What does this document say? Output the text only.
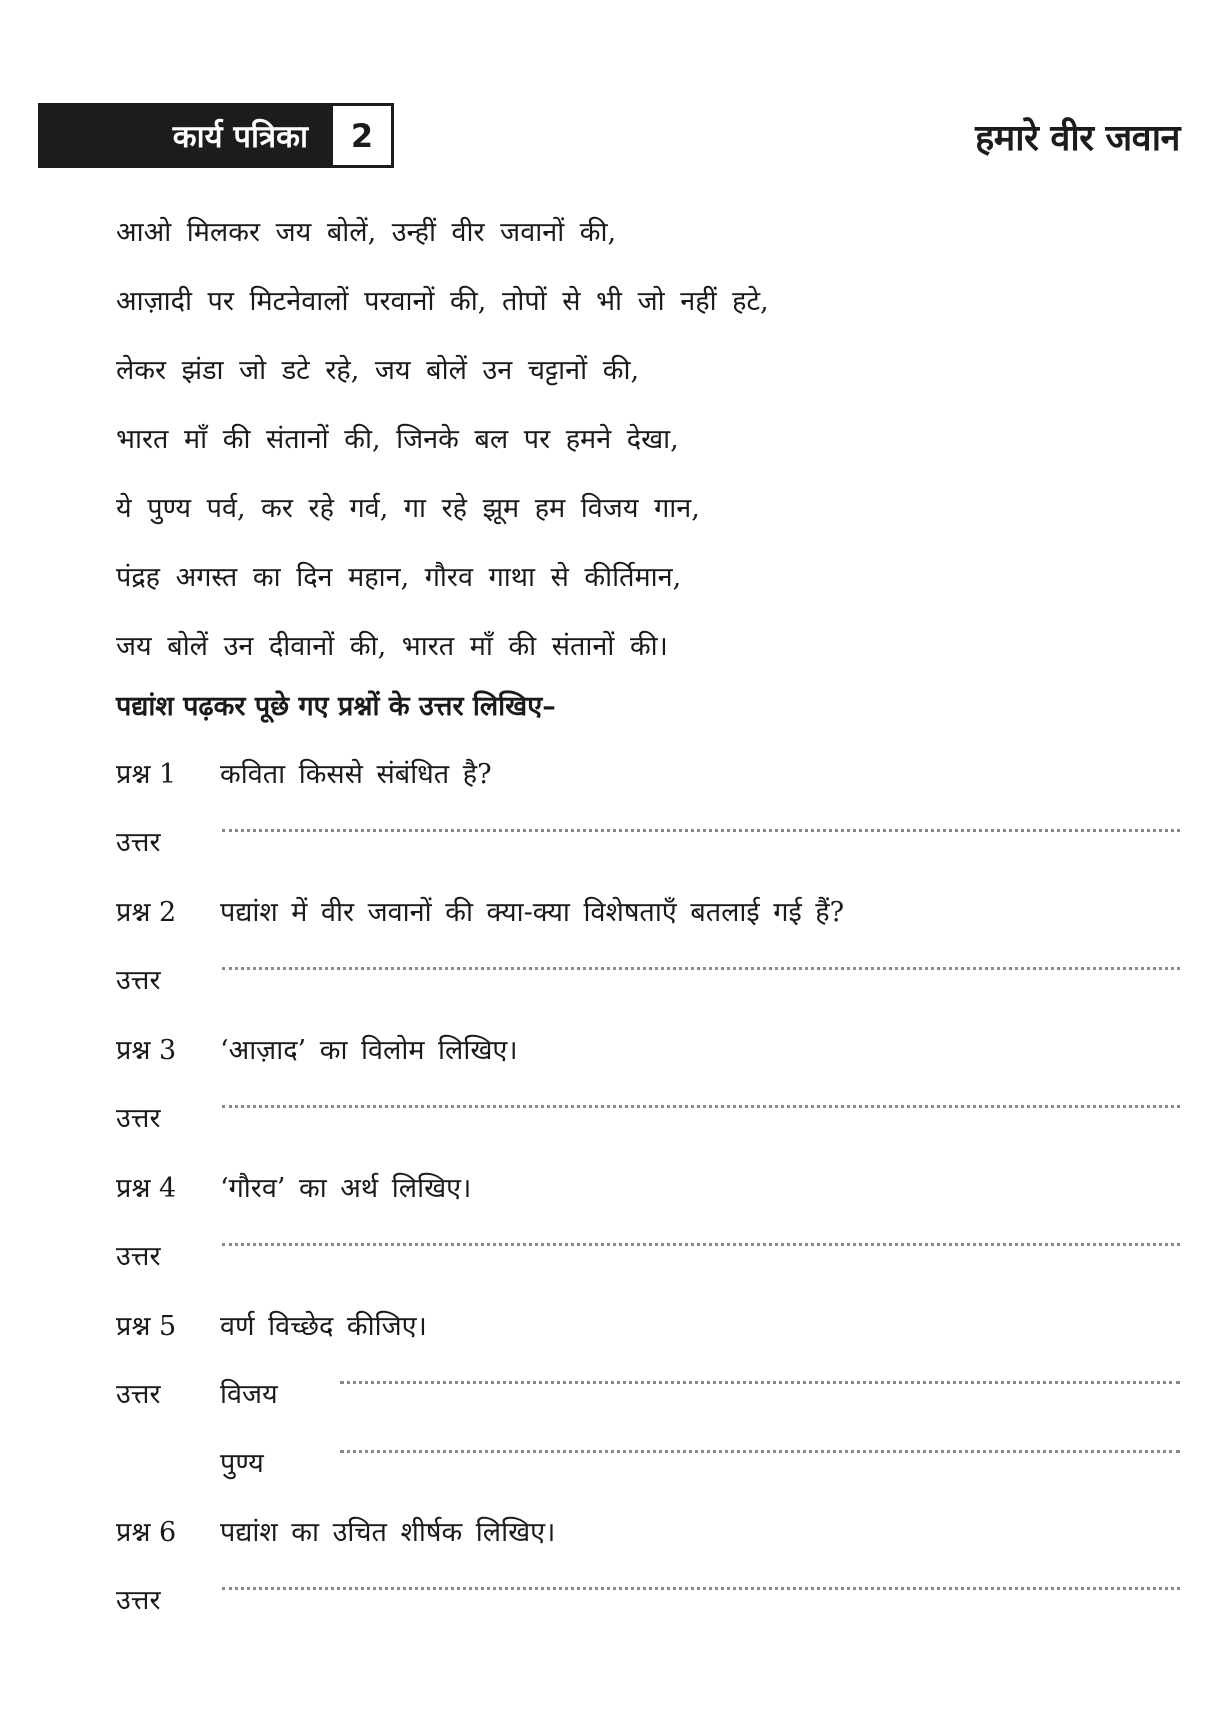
कार्य पत्रिका	2	हमारे वीर जवान
आओ मिलकर जय बोलें, उन्हीं वीर जवानों की,
आज़ादी पर मिटनेवालों परवानों की, तोपों से भी जो नहीं हटे,
लेकर झंडा जो डटे रहे, जय बोलें उन चट्टानों की,
भारत माँ की संतानों की, जिनके बल पर हमने देखा,
ये पुण्य पर्व, कर रहे गर्व, गा रहे झूम हम विजय गान,
पंद्रह अगस्त का दिन महान, गौरव गाथा से कीर्तिमान,
जय बोलें उन दीवानों की, भारत माँ की संतानों की।
पद्यांश पढ़कर पूछे गए प्रश्नों के उत्तर लिखिए–
प्रश्न 1 कविता किससे संबंधित है?
उत्तर
प्रश्न 2 पद्यांश में वीर जवानों की क्या-क्या विशेषताएँ बतलाई गई हैं?
उत्तर
प्रश्न 3 ‘आज़ाद’ का विलोम लिखिए।
उत्तर
प्रश्न 4 ‘गौरव’ का अर्थ लिखिए।
उत्तर
प्रश्न 5 वर्ण विच्छेद कीजिए।
उत्तर विजय
पुण्य
प्रश्न 6 पद्यांश का उचित शीर्षक लिखिए।
उत्तर
